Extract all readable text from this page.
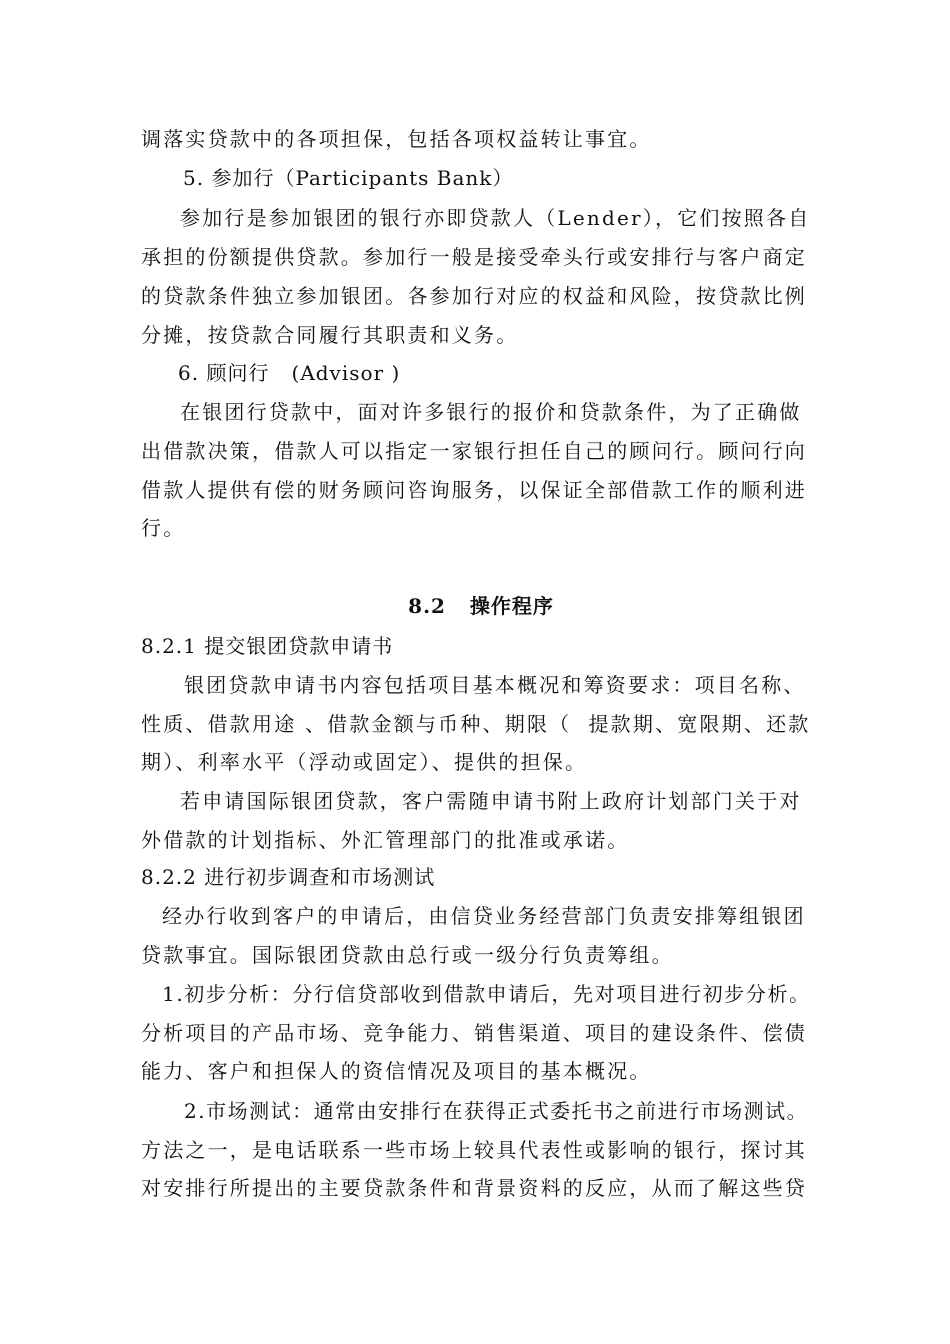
调落实贷款中的各项担保，包括各项权益转让事宜。
5. 参加行（Participants Bank）
参加行是参加银团的银行亦即贷款人（Lender），它们按照各自
承担的份额提供贷款。参加行一般是接受牵头行或安排行与客户商定
的贷款条件独立参加银团。各参加行对应的权益和风险，按贷款比例
分摊，按贷款合同履行其职责和义务。
6. 顾问行   (Advisor )
在银团行贷款中，面对许多银行的报价和贷款条件，为了正确做
出借款决策，借款人可以指定一家银行担任自己的顾问行。顾问行向
借款人提供有偿的财务顾问咨询服务，以保证全部借款工作的顺利进
行。
8.2   操作程序
8.2.1 提交银团贷款申请书
银团贷款申请书内容包括项目基本概况和筹资要求：项目名称、
性质、借款用途 、借款金额与币种、期限（  提款期、宽限期、还款
期）、利率水平（浮动或固定）、提供的担保。
若申请国际银团贷款，客户需随申请书附上政府计划部门关于对
外借款的计划指标、外汇管理部门的批准或承诺。
8.2.2 进行初步调查和市场测试
经办行收到客户的申请后，由信贷业务经营部门负责安排筹组银团
贷款事宜。国际银团贷款由总行或一级分行负责筹组。
1.初步分析：分行信贷部收到借款申请后，先对项目进行初步分析。
分析项目的产品市场、竞争能力、销售渠道、项目的建设条件、偿债
能力、客户和担保人的资信情况及项目的基本概况。
2.市场测试：通常由安排行在获得正式委托书之前进行市场测试。
方法之一，是电话联系一些市场上较具代表性或影响的银行，探讨其
对安排行所提出的主要贷款条件和背景资料的反应，从而了解这些贷
